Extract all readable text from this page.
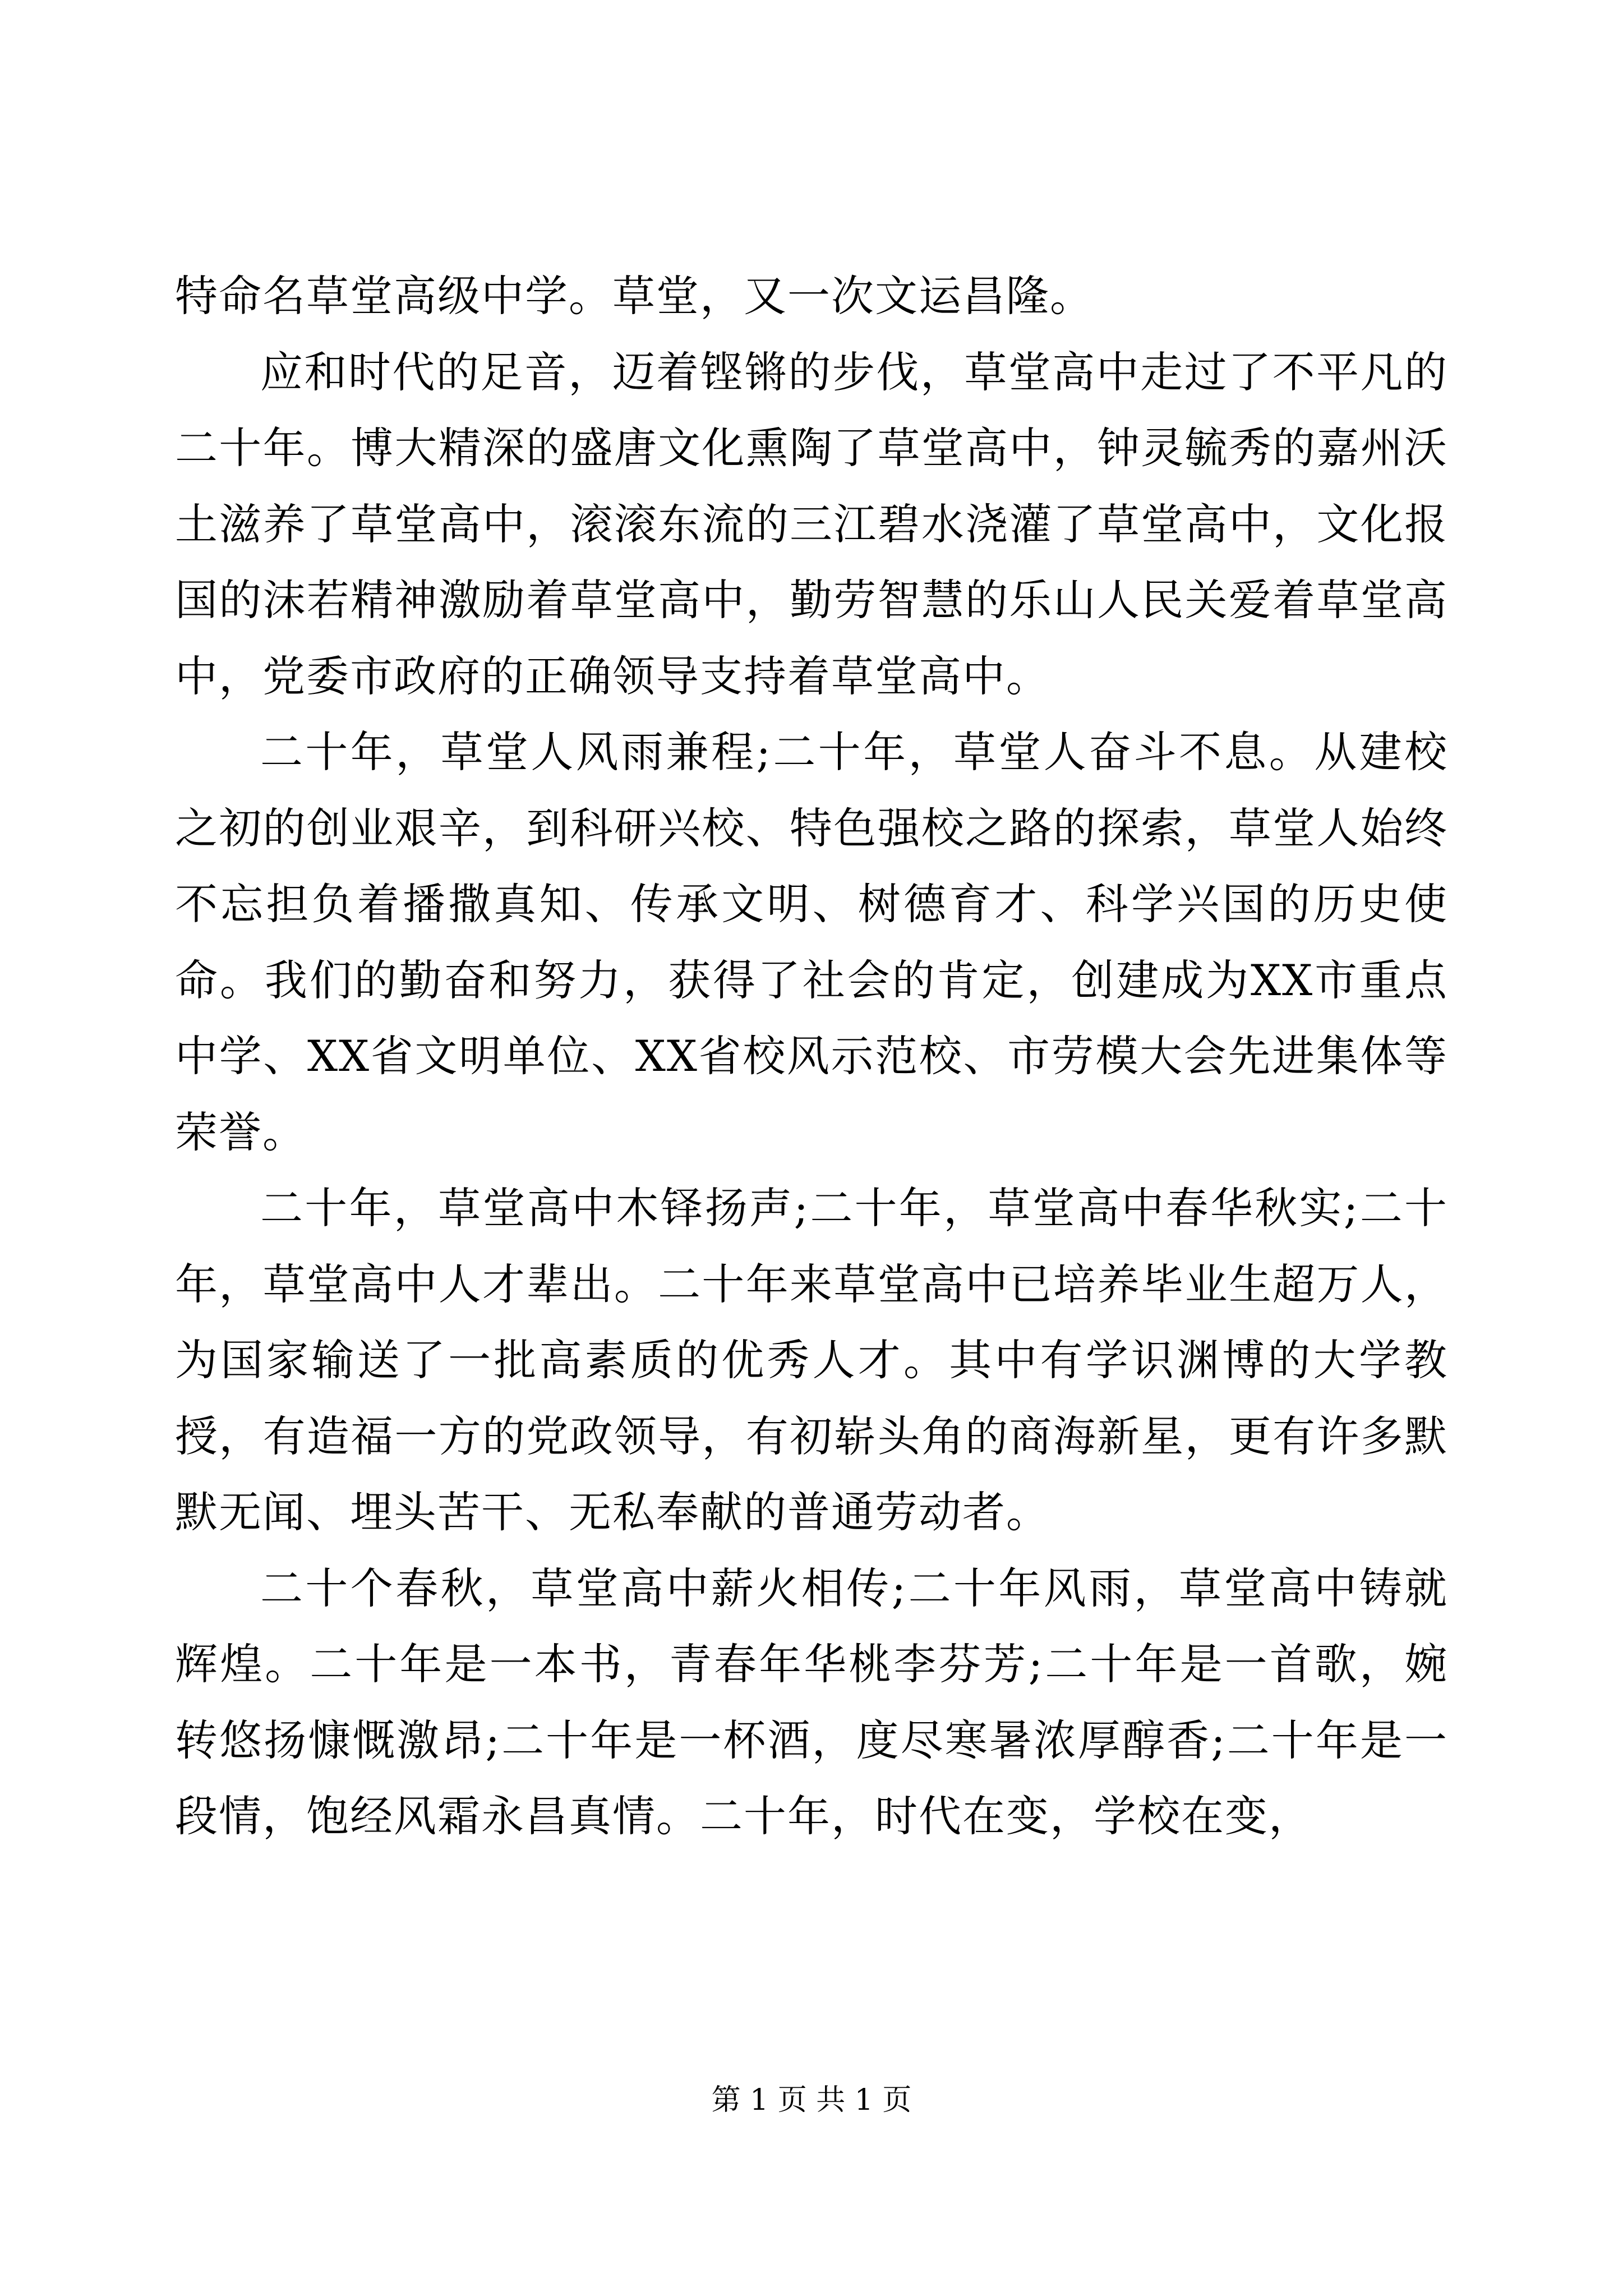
特命名草堂高级中学。草堂，又一次文运昌隆。

应和时代的足音，迈着铿锵的步伐，草堂高中走过了不平凡的二十年。博大精深的盛唐文化熏陶了草堂高中，钟灵毓秀的嘉州沃土滋养了草堂高中，滚滚东流的三江碧水浇灌了草堂高中，文化报国的沫若精神激励着草堂高中，勤劳智慧的乐山人民关爱着草堂高中，党委市政府的正确领导支持着草堂高中。

二十年，草堂人风雨兼程;二十年，草堂人奋斗不息。从建校之初的创业艰辛，到科研兴校、特色强校之路的探索，草堂人始终不忘担负着播撒真知、传承文明、树德育才、科学兴国的历史使命。我们的勤奋和努力，获得了社会的肯定，创建成为XX市重点中学、XX省文明单位、XX省校风示范校、市劳模大会先进集体等荣誉。

二十年，草堂高中木铎扬声;二十年，草堂高中春华秋实;二十年，草堂高中人才辈出。二十年来草堂高中已培养毕业生超万人，为国家输送了一批高素质的优秀人才。其中有学识渊博的大学教授，有造福一方的党政领导，有初崭头角的商海新星，更有许多默默无闻、埋头苦干、无私奉献的普通劳动者。

二十个春秋，草堂高中薪火相传;二十年风雨，草堂高中铸就辉煌。二十年是一本书，青春年华桃李芬芳;二十年是一首歌，婉转悠扬慷慨激昂;二十年是一杯酒，度尽寒暑浓厚醇香;二十年是一段情，饱经风霜永昌真情。二十年，时代在变，学校在变，

第 1 页 共 1 页
